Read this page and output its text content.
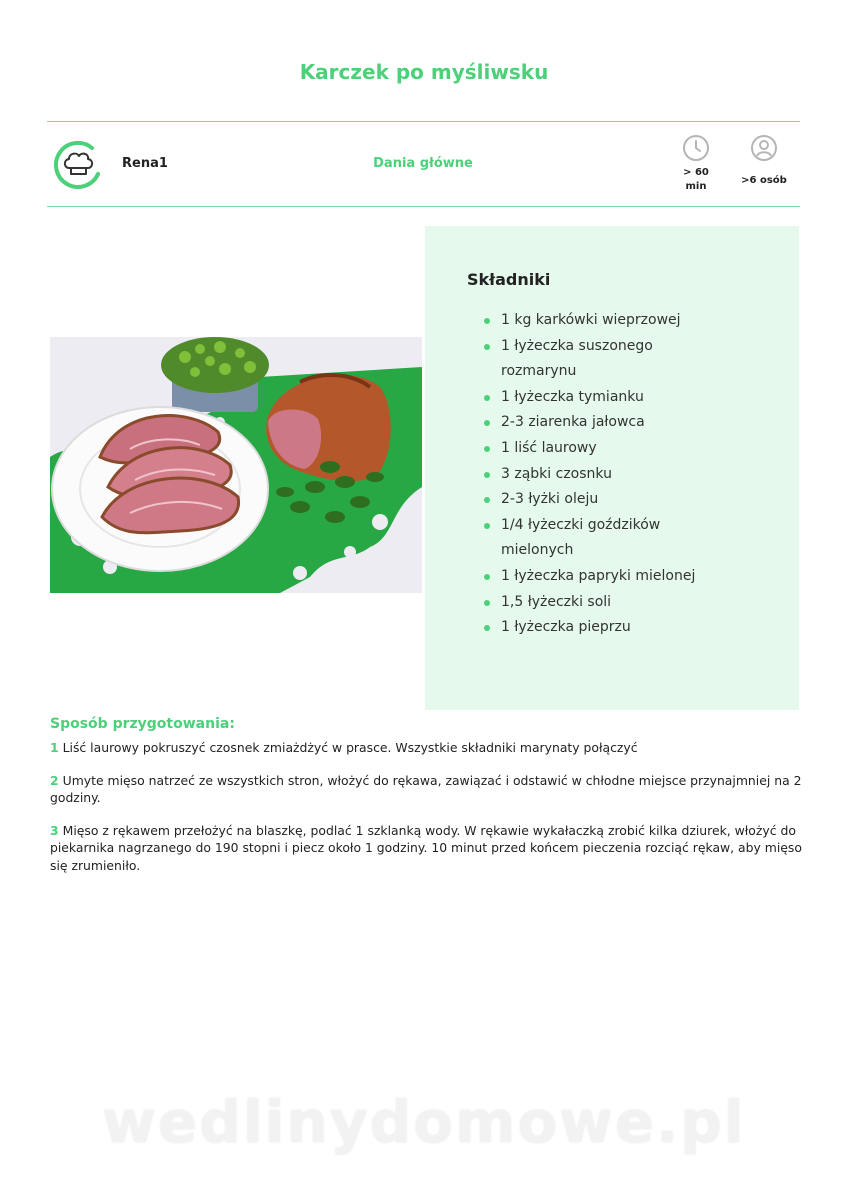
Karczek po myśliwsku
Rena1	Dania główne
> 60
min
>6 osób
Składniki
1 kg karkówki wieprzowej
1 łyżeczka suszonego rozmarynu
1 łyżeczka tymianku
2-3 ziarenka jałowca
1 liść laurowy
3 ząbki czosnku
2-3 łyżki oleju
1/4 łyżeczki goździków mielonych
1 łyżeczka papryki mielonej
1,5 łyżeczki soli
1 łyżeczka pieprzu
Sposób przygotowania:

1 Liść laurowy pokruszyć czosnek zmiażdżyć w prasce. Wszystkie składniki marynaty połączyć

2 Umyte mięso natrzeć ze wszystkich stron, włożyć do rękawa, zawiązać i odstawić w chłodne miejsce przynajmniej na 2 godziny.

3 Mięso z rękawem przełożyć na blaszkę, podlać 1 szklanką wody. W rękawie wykałaczką zrobić kilka dziurek, włożyć do piekarnika nagrzanego do 190 stopni i piecz około 1 godziny. 10 minut przed końcem pieczenia rozciąć rękaw, aby mięso się zrumieniło.

wedlinydomowe.pl
